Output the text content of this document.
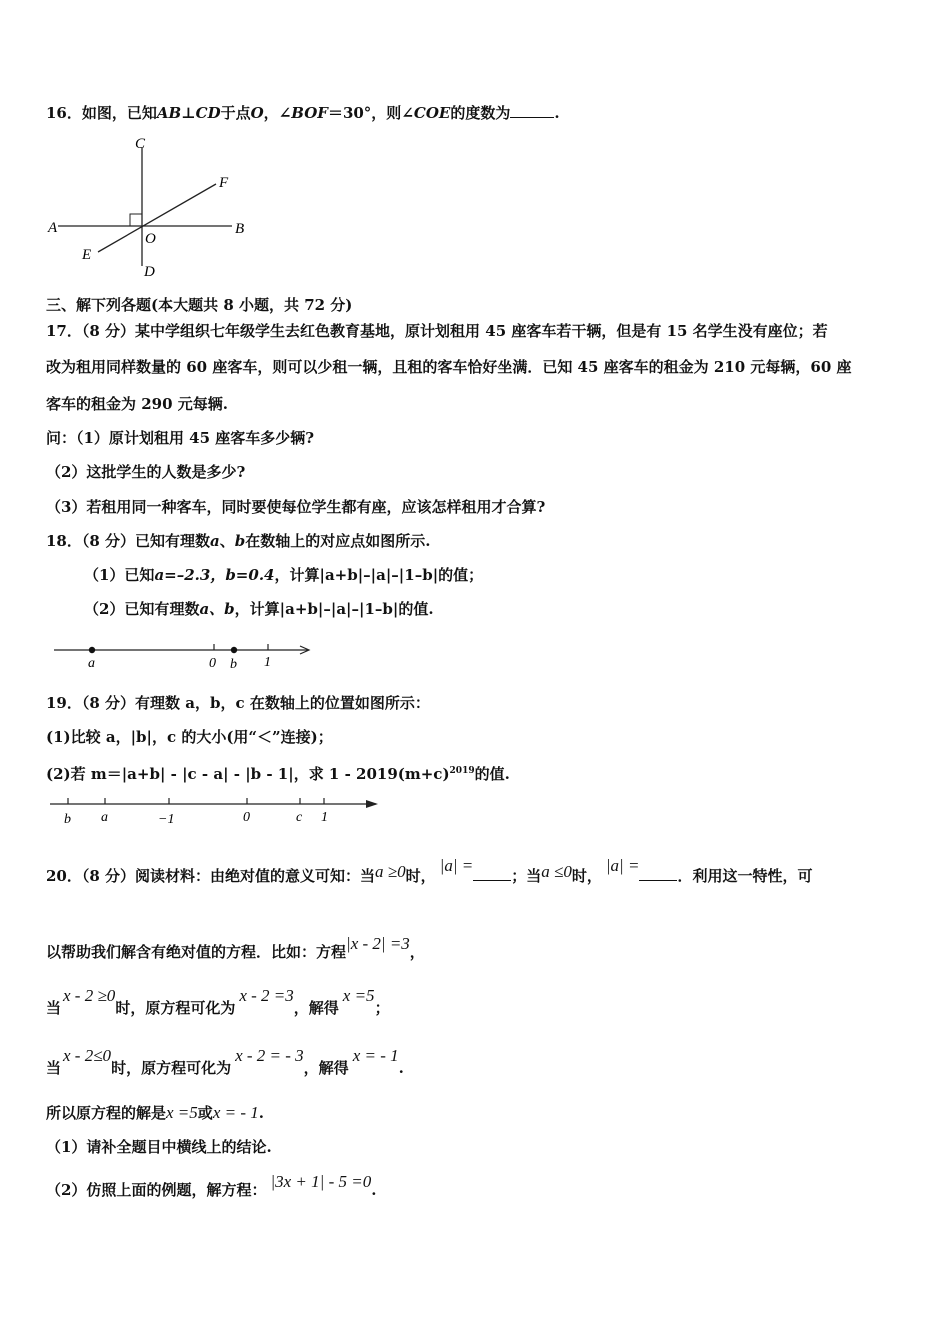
16．如图，已知AB⊥CD于点O，∠BOF＝30°，则∠COE的度数为	.
C
F
A
O
B
E
D
三、解下列各题(本大题共 8 小题，共 72 分)
17．（8 分）某中学组织七年级学生去红色教育基地，原计划租用 45 座客车若干辆，但是有 15 名学生没有座位；若
改为租用同样数量的 60 座客车，则可以少租一辆，且租的客车恰好坐满．已知 45 座客车的租金为 210 元每辆，60 座
客车的租金为 290 元每辆.
问：（1）原计划租用 45 座客车多少辆?
（2）这批学生的人数是多少?
（3）若租用同一种客车，同时要使每位学生都有座，应该怎样租用才合算?
18．（8 分）已知有理数a、b在数轴上的对应点如图所示.
（1）已知a=–2.3，b=0.4，计算|a+b|–|a|–|1–b|的值；
（2）已知有理数a、b，计算|a+b|–|a|–|1–b|的值.
a	0 b 1
19．（8 分）有理数 a，b，c 在数轴上的位置如图所示：
(1)比较 a，|b|，c 的大小(用“＜”连接)；
(2)若 m＝|a+b| - |c - a| - |b - 1|，求 $1 - 2019(m+c)^{2019}$的值.
b a	−1	0	c 1
20．（8 分）阅读材料：由绝对值的意义可知：当a ≥0时，|a| =；当a ≤0时，|a| =．利用这一特性，可
以帮助我们解含有绝对值的方程．比如：方程|x - 2| =3，
当x - 2 ≥0时，原方程可化为x - 2 =3，解得x =5；
当x - 2≤0时，原方程可化为x - 2 = - 3，解得x = - 1.
所以原方程的解是x =5或x = - 1.
（1）请补全题目中横线上的结论.
（2）仿照上面的例题，解方程： |3x + 1| - 5 =0.
